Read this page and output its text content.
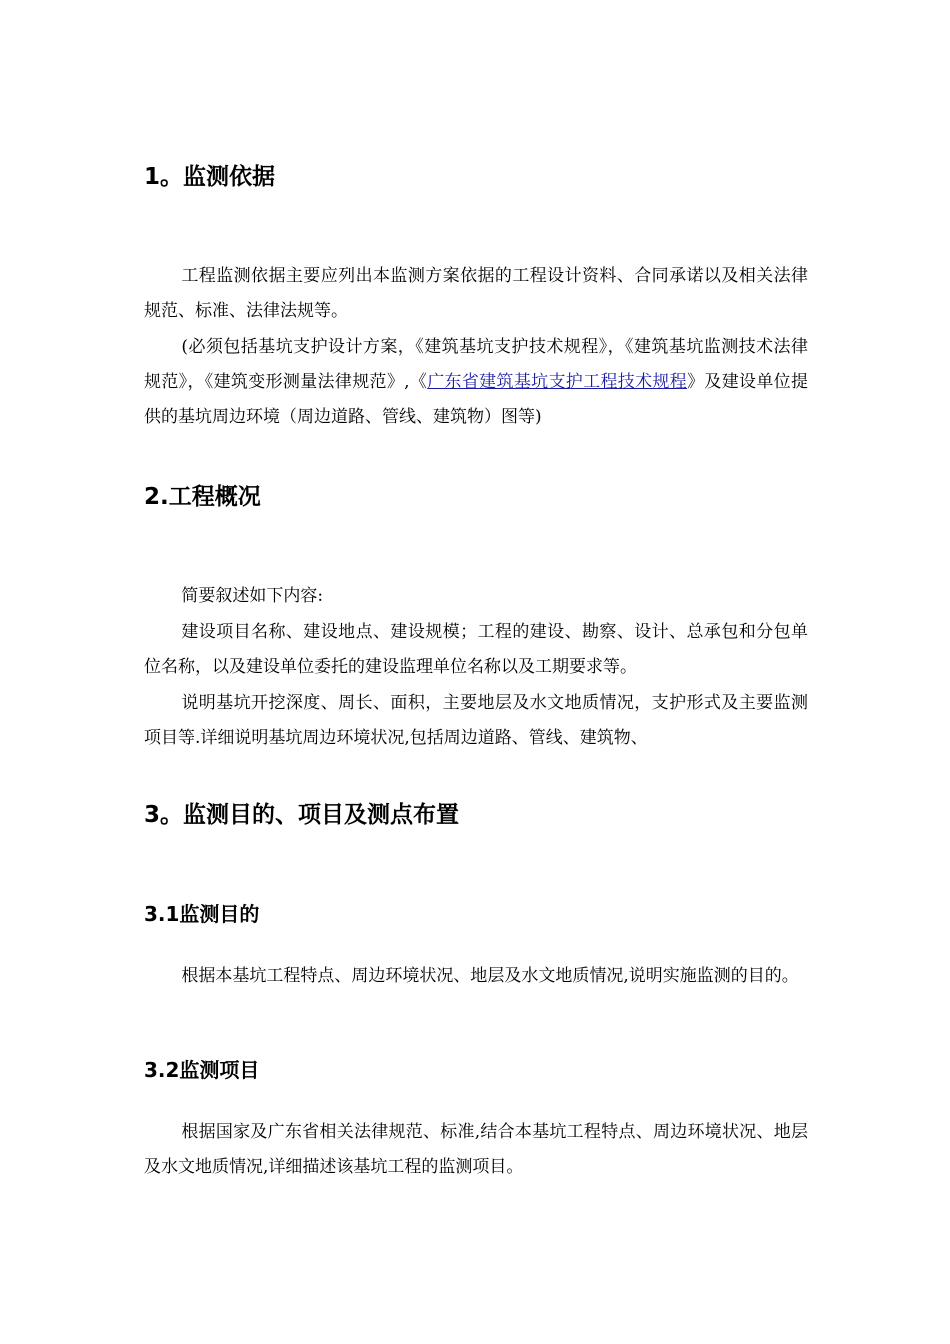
1。监测依据

工程监测依据主要应列出本监测方案依据的工程设计资料、合同承诺以及相关法律规范、标准、法律法规等。

(必须包括基坑支护设计方案，《建筑基坑支护技术规程》，《建筑基坑监测技术法律规范》，《建筑变形测量法律规范》,《广东省建筑基坑支护工程技术规程》及建设单位提供的基坑周边环境（周边道路、管线、建筑物）图等)

2.工程概况

简要叙述如下内容:

建设项目名称、建设地点、建设规模；工程的建设、勘察、设计、总承包和分包单位名称，以及建设单位委托的建设监理单位名称以及工期要求等。

说明基坑开挖深度、周长、面积，主要地层及水文地质情况，支护形式及主要监测项目等.详细说明基坑周边环境状况,包括周边道路、管线、建筑物、

3。监测目的、项目及测点布置
3.1监测目的

根据本基坑工程特点、周边环境状况、地层及水文地质情况,说明实施监测的目的。

3.2监测项目

根据国家及广东省相关法律规范、标准,结合本基坑工程特点、周边环境状况、地层及水文地质情况,详细描述该基坑工程的监测项目。
